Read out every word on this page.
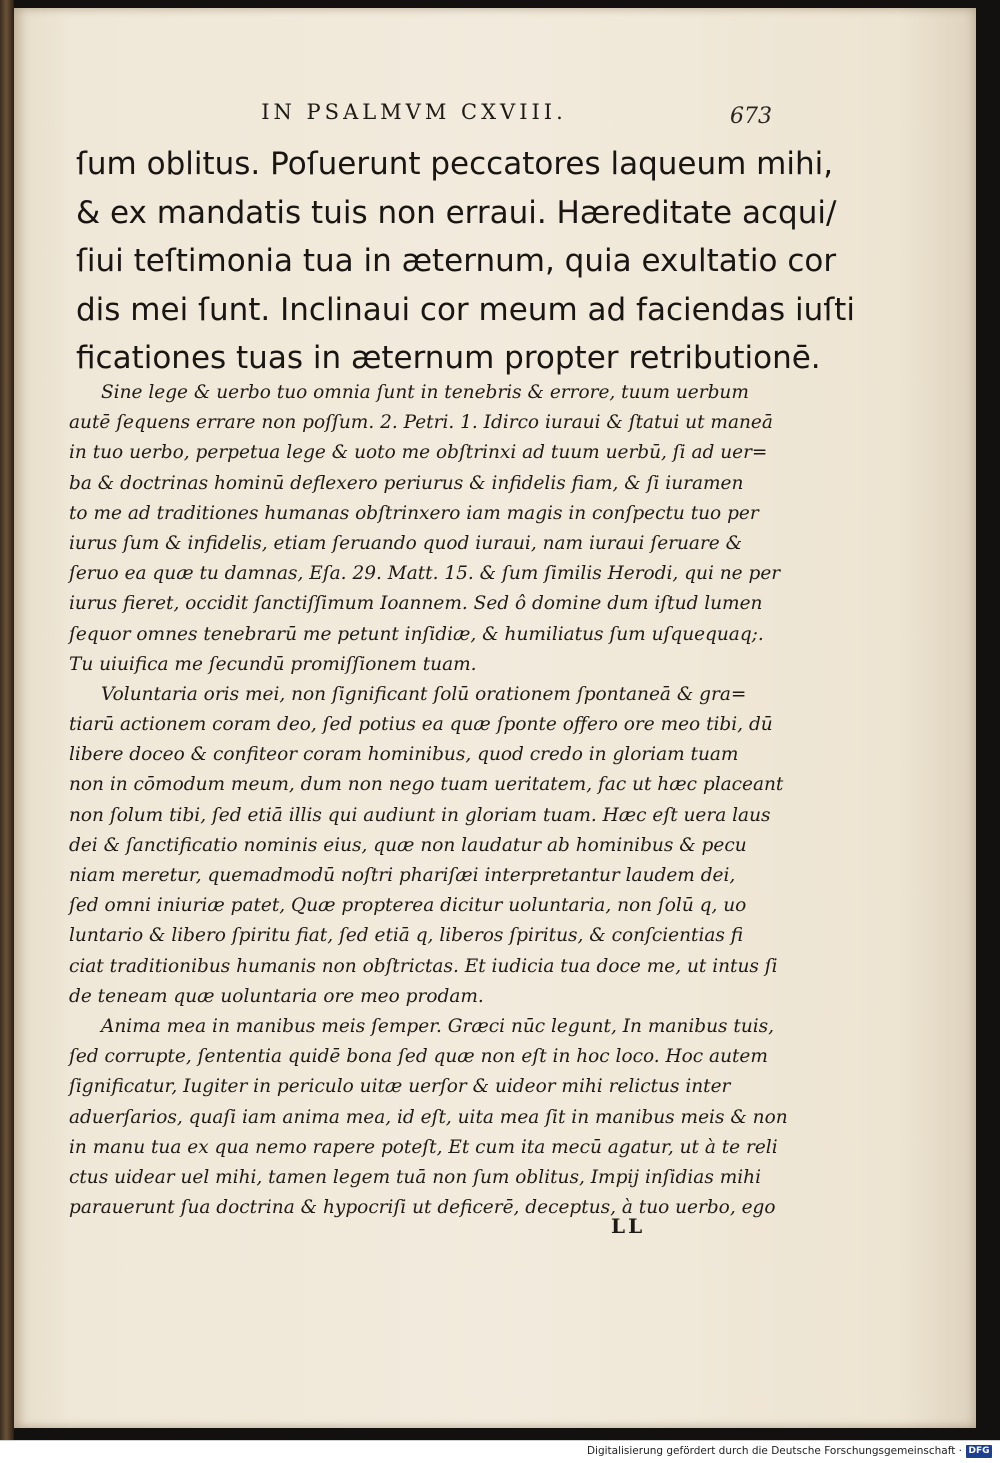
IN PSALMVM CXVIII.	673
ſum oblitus. Poſuerunt peccatores laqueum mihi,
& ex mandatis tuis non erraui. Hæreditate acqui/
ſiui teſtimonia tua in æternum, quia exultatio cor
dis mei ſunt. Inclinaui cor meum ad faciendas iuſti
ficationes tuas in æternum propter retributionē.
Sine lege & uerbo tuo omnia ſunt in tenebris & errore, tuum uerbum
autē ſequens errare non poſſum. 2. Petri. 1. Idirco iuraui & ſtatui ut maneā
in tuo uerbo, perpetua lege & uoto me obſtrinxi ad tuum uerbū, ſi ad uer=
ba & doctrinas hominū deflexero periurus & infidelis fiam, & ſi iuramen
to me ad traditiones humanas obſtrinxero iam magis in conſpectu tuo per
iurus ſum & infidelis, etiam ſeruando quod iuraui, nam iuraui ſeruare &
ſeruo ea quæ tu damnas, Eſa. 29. Matt. 15. & ſum ſimilis Herodi, qui ne per
iurus fieret, occidit ſanctiſſimum Ioannem. Sed ô domine dum iſtud lumen
ſequor omnes tenebrarū me petunt inſidiæ, & humiliatus ſum uſquequaq;.
Tu uiuifica me ſecundū promiſſionem tuam.
Voluntaria oris mei, non ſignificant ſolū orationem ſpontaneā & gra=
tiarū actionem coram deo, ſed potius ea quæ ſponte offero ore meo tibi, dū
libere doceo & confiteor coram hominibus, quod credo in gloriam tuam
non in cōmodum meum, dum non nego tuam ueritatem, fac ut hæc placeant
non ſolum tibi, ſed etiā illis qui audiunt in gloriam tuam. Hæc eſt uera laus
dei & ſanctificatio nominis eius, quæ non laudatur ab hominibus & pecu
niam meretur, quemadmodū noſtri phariſæi interpretantur laudem dei,
ſed omni iniuriæ patet, Quæ propterea dicitur uoluntaria, non ſolū q, uo
luntario & libero ſpiritu fiat, ſed etiā q, liberos ſpiritus, & conſcientias fi
ciat traditionibus humanis non obſtrictas. Et iudicia tua doce me, ut intus ſi
de teneam quæ uoluntaria ore meo prodam.
Anima mea in manibus meis ſemper. Græci nūc legunt, In manibus tuis,
ſed corrupte, ſententia quidē bona ſed quæ non eſt in hoc loco. Hoc autem
ſignificatur, Iugiter in periculo uitæ uerſor & uideor mihi relictus inter
aduerſarios, quaſi iam anima mea, id eſt, uita mea ſit in manibus meis & non
in manu tua ex qua nemo rapere poteſt, Et cum ita mecū agatur, ut à te reli
ctus uidear uel mihi, tamen legem tuā non ſum oblitus, Impij inſidias mihi
parauerunt ſua doctrina & hypocriſi ut deficerē, deceptus, à tuo uerbo, ego
LL
Digitalisierung gefördert durch die Deutsche Forschungsgemeinschaft · DFG
